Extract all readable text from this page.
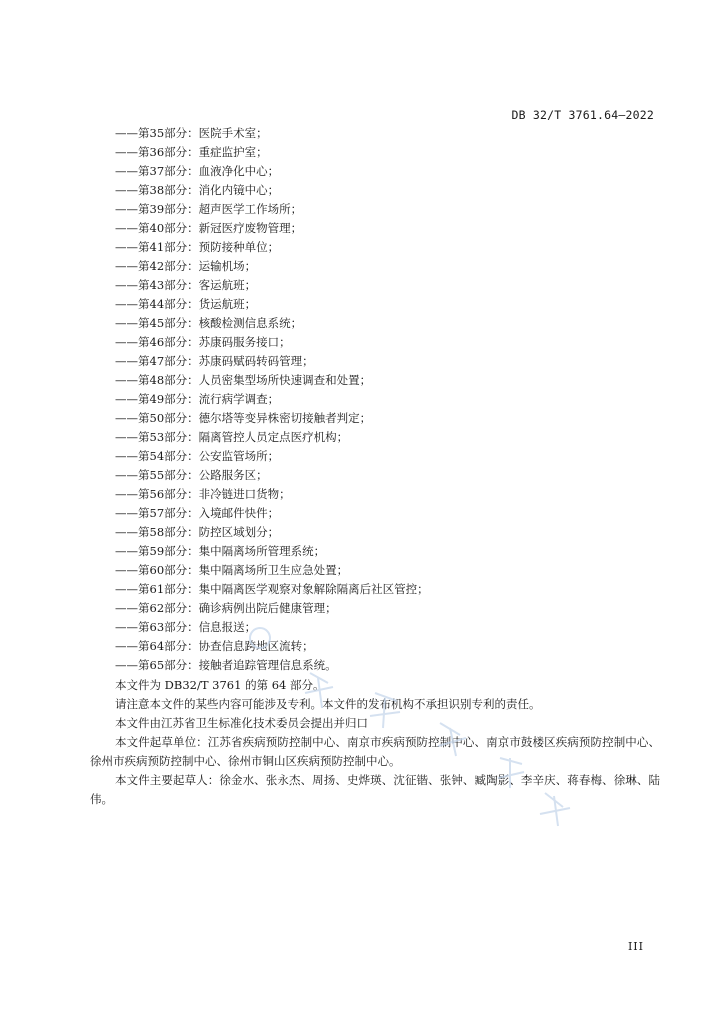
DB 32/T 3761.64—2022
——第35部分：医院手术室；
——第36部分：重症监护室；
——第37部分：血液净化中心；
——第38部分：消化内镜中心；
——第39部分：超声医学工作场所；
——第40部分：新冠医疗废物管理；
——第41部分：预防接种单位；
——第42部分：运输机场；
——第43部分：客运航班；
——第44部分：货运航班；
——第45部分：核酸检测信息系统；
——第46部分：苏康码服务接口；
——第47部分：苏康码赋码转码管理；
——第48部分：人员密集型场所快速调查和处置；
——第49部分：流行病学调查；
——第50部分：德尔塔等变异株密切接触者判定；
——第53部分：隔离管控人员定点医疗机构；
——第54部分：公安监管场所；
——第55部分：公路服务区；
——第56部分：非冷链进口货物；
——第57部分：入境邮件快件；
——第58部分：防控区域划分；
——第59部分：集中隔离场所管理系统；
——第60部分：集中隔离场所卫生应急处置；
——第61部分：集中隔离医学观察对象解除隔离后社区管控；
——第62部分：确诊病例出院后健康管理；
——第63部分：信息报送；
——第64部分：协查信息跨地区流转；
——第65部分：接触者追踪管理信息系统。

本文件为 DB32/T 3761 的第 64 部分。

请注意本文件的某些内容可能涉及专利。本文件的发布机构不承担识别专利的责任。

本文件由江苏省卫生标准化技术委员会提出并归口

本文件起草单位：江苏省疾病预防控制中心、南京市疾病预防控制中心、南京市鼓楼区疾病预防控制中心、徐州市疾病预防控制中心、徐州市铜山区疾病预防控制中心。

本文件主要起草人：徐金水、张永杰、周扬、史烨瑛、沈征锴、张钟、臧陶影、李辛庆、蒋春梅、徐琳、陆伟。

III
